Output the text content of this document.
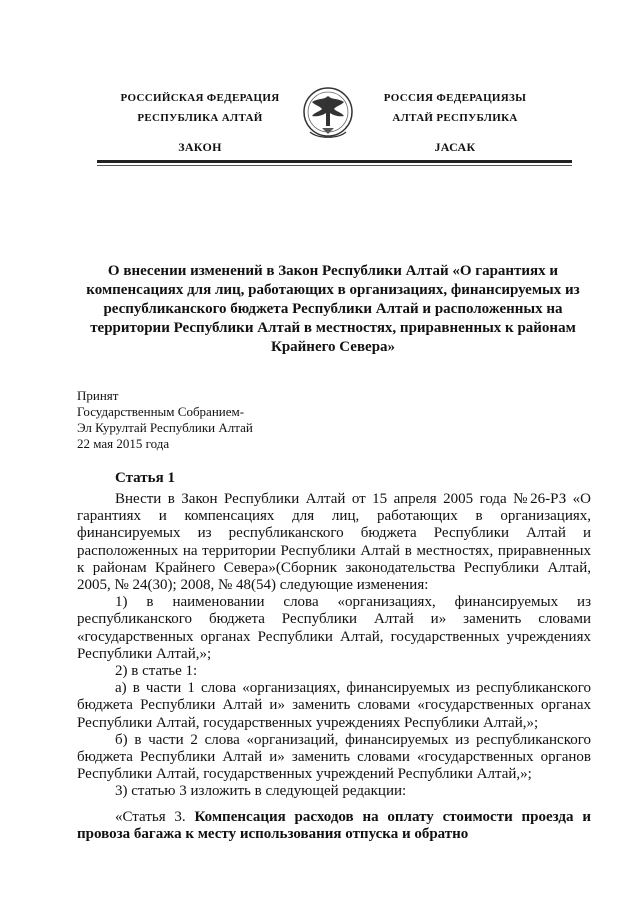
РОССИЙСКАЯ ФЕДЕРАЦИЯ
РЕСПУБЛИКА АЛТАЙ
ЗАКОН
РОССИЯ ФЕДЕРАЦИЯЗЫ
АЛТАЙ РЕСПУБЛИКА
JАСАК
О внесении изменений в Закон Республики Алтай «О гарантиях и компенсациях для лиц, работающих в организациях, финансируемых из республиканского бюджета Республики Алтай и расположенных на территории Республики Алтай в местностях, приравненных к районам Крайнего Севера»
Принят
Государственным Собранием-
Эл Курултай Республики Алтай
22 мая 2015 года
Статья 1

Внести в Закон Республики Алтай от 15 апреля 2005 года №26-РЗ «О гарантиях и компенсациях для лиц, работающих в организациях, финансируемых из республиканского бюджета Республики Алтай и расположенных на территории Республики Алтай в местностях, приравненных к районам Крайнего Севера»(Сборник законодательства Республики Алтай, 2005, № 24(30); 2008, № 48(54) следующие изменения:

1) в наименовании слова «организациях, финансируемых из республиканского бюджета Республики Алтай и» заменить словами «государственных органах Республики Алтай, государственных учреждениях Республики Алтай,»;

2) в статье 1:

а) в части 1 слова «организациях, финансируемых из республиканского бюджета Республики Алтай и» заменить словами «государственных органах Республики Алтай, государственных учреждениях Республики Алтай,»;

б) в части 2 слова «организаций, финансируемых из республиканского бюджета Республики Алтай и» заменить словами «государственных органов Республики Алтай, государственных учреждений Республики Алтай,»;

3) статью 3 изложить в следующей редакции:

«Статья 3. Компенсация расходов на оплату стоимости проезда и провоза багажа к месту использования отпуска и обратно
